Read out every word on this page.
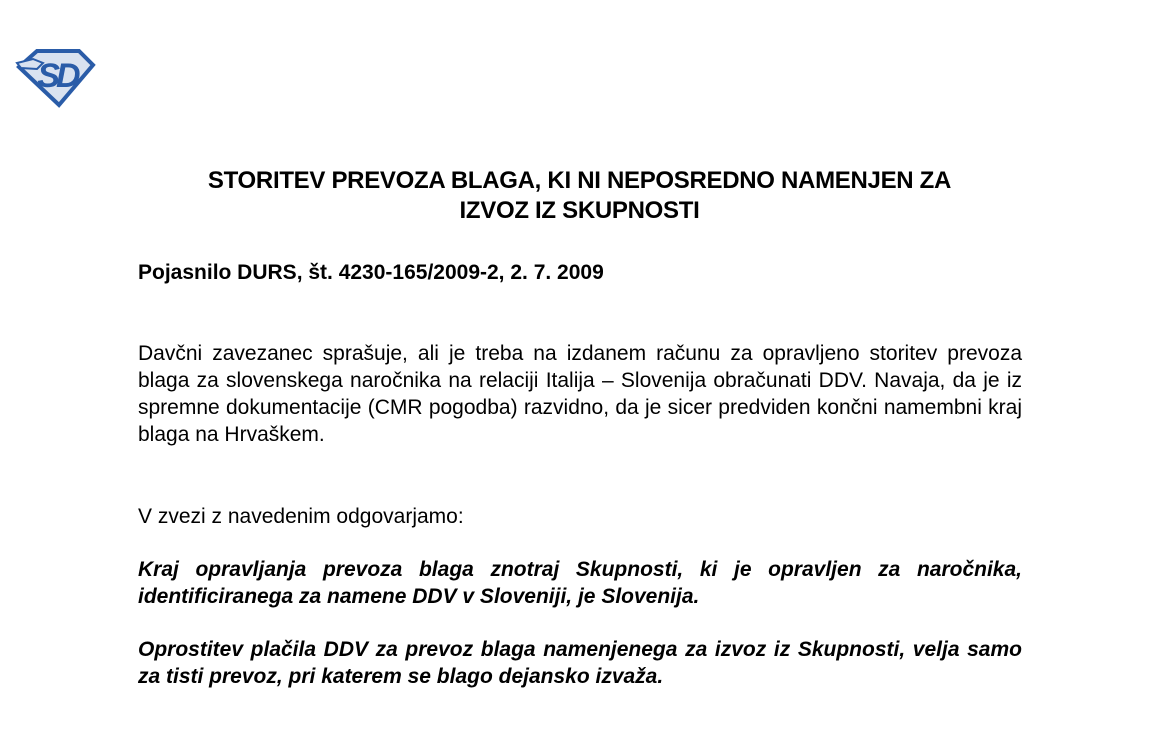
SD
STORITEV PREVOZA BLAGA, KI NI NEPOSREDNO NAMENJEN ZA
IZVOZ IZ SKUPNOSTI

Pojasnilo DURS, št. 4230-165/2009-2, 2. 7. 2009

Davčni zavezanec sprašuje, ali je treba na izdanem računu za opravljeno storitev prevoza blaga za slovenskega naročnika na relaciji Italija – Slovenija obračunati DDV. Navaja, da je iz spremne dokumentacije (CMR pogodba) razvidno, da je sicer predviden končni namembni kraj blaga na Hrvaškem.

V zvezi z navedenim odgovarjamo:

Kraj opravljanja prevoza blaga znotraj Skupnosti, ki je opravljen za naročnika, identificiranega za namene DDV v Sloveniji, je Slovenija.

Oprostitev plačila DDV za prevoz blaga namenjenega za izvoz iz Skupnosti, velja samo za tisti prevoz, pri katerem se blago dejansko izvaža.
